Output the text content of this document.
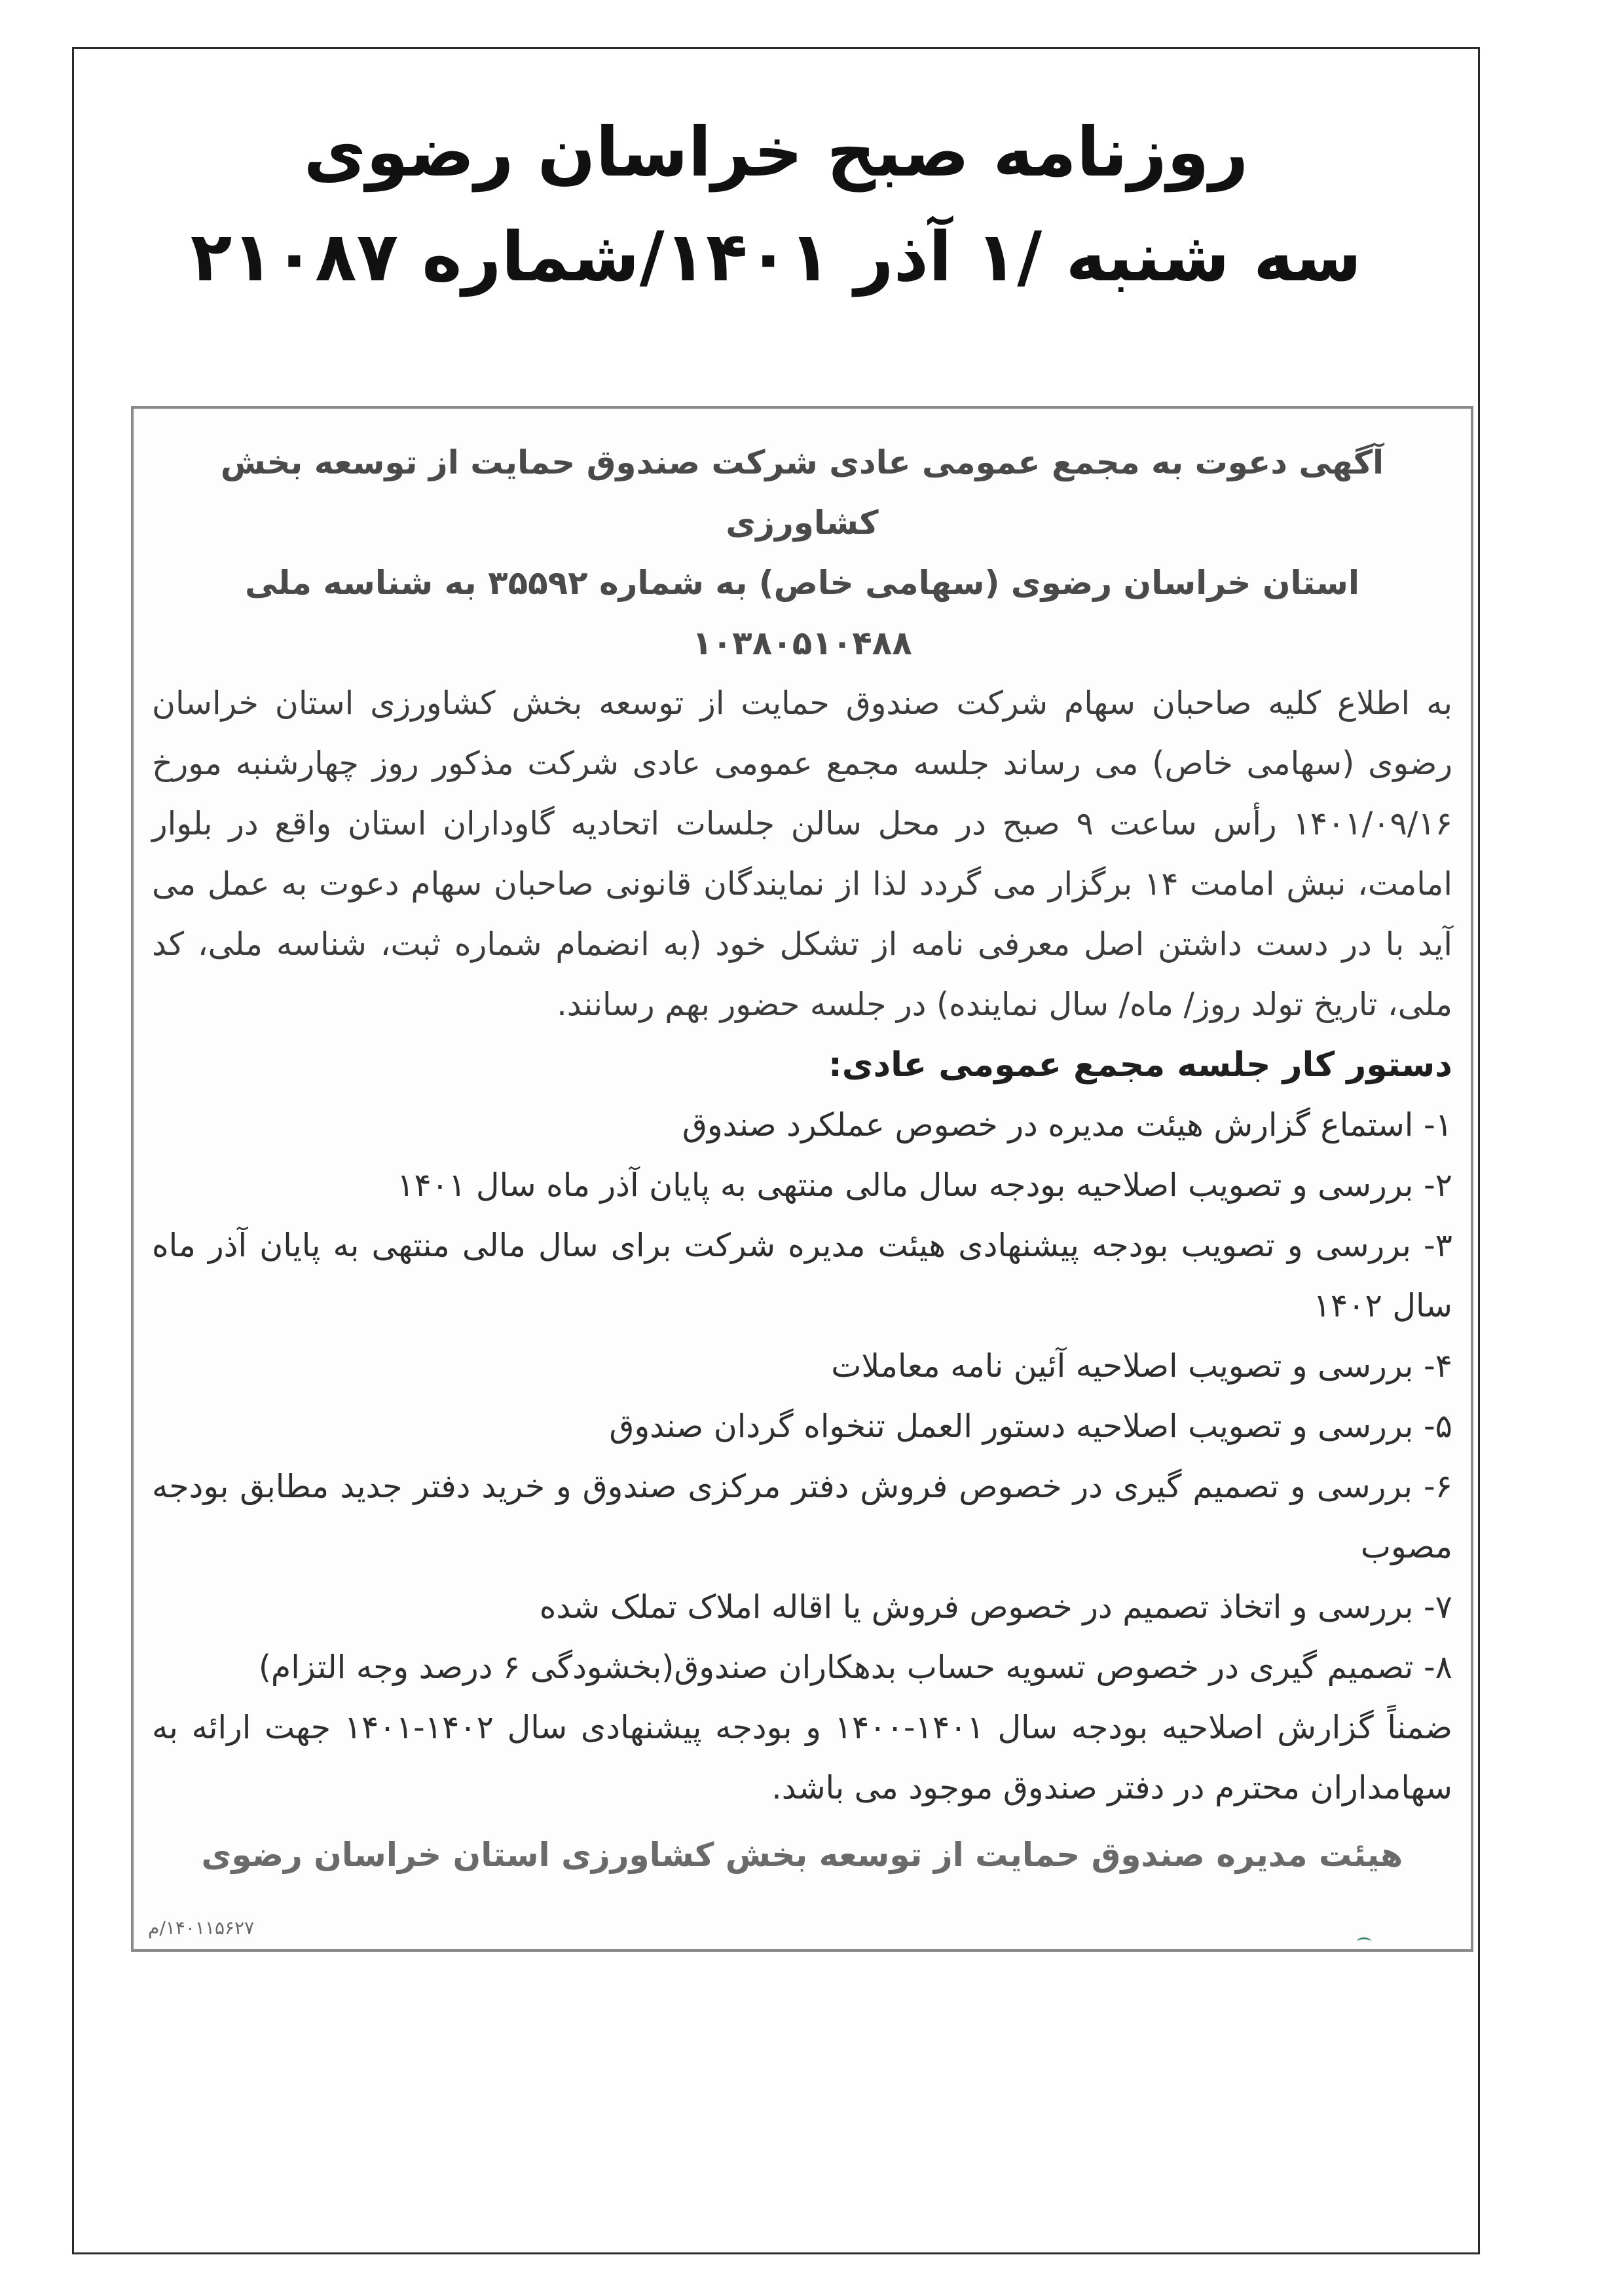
روزنامه صبح خراسان رضوی
سه شنبه /۱ آذر ۱۴۰۱/شماره ۲۱۰۸۷
آگهی دعوت به مجمع عمومی عادی شرکت صندوق حمایت از توسعه بخش کشاورزی
استان خراسان رضوی (سهامی خاص) به شماره ۳۵۵۹۲ به شناسه ملی ۱۰۳۸۰۵۱۰۴۸۸
به اطلاع کلیه صاحبان سهام شرکت صندوق حمایت از توسعه بخش کشاورزی استان خراسان رضوی (سهامی خاص) می رساند جلسه مجمع عمومی عادی شرکت مذکور روز چهارشنبه مورخ ۱۴۰۱/۰۹/۱۶ رأس ساعت ۹ صبح در محل سالن جلسات اتحادیه گاوداران استان واقع در بلوار امامت، نبش امامت ۱۴ برگزار می گردد لذا از نمایندگان قانونی صاحبان سهام دعوت به عمل می آید با در دست داشتن اصل معرفی نامه از تشکل خود (به انضمام شماره ثبت، شناسه ملی، کد ملی، تاریخ تولد روز/ ماه/ سال نماینده) در جلسه حضور بهم رسانند.
دستور کار جلسه مجمع عمومی عادی:
۱- استماع گزارش هیئت مدیره در خصوص عملکرد صندوق
۲- بررسی و تصویب اصلاحیه بودجه سال مالی منتهی به پایان آذر ماه سال ۱۴۰۱
۳- بررسی و تصویب بودجه پیشنهادی هیئت مدیره شرکت برای سال مالی منتهی به پایان آذر ماه سال ۱۴۰۲
۴- بررسی و تصویب اصلاحیه آئین نامه معاملات
۵- بررسی و تصویب اصلاحیه دستور العمل تنخواه گردان صندوق
۶- بررسی و تصمیم گیری در خصوص فروش دفتر مرکزی صندوق و خرید دفتر جدید مطابق بودجه مصوب
۷- بررسی و اتخاذ تصمیم در خصوص فروش یا اقاله املاک تملک شده
۸- تصمیم گیری در خصوص تسویه حساب بدهکاران صندوق(بخشودگی ۶ درصد وجه التزام)
ضمناً گزارش اصلاحیه بودجه سال ۱۴۰۱-۱۴۰۰ و بودجه پیشنهادی سال ۱۴۰۲-۱۴۰۱ جهت ارائه به سهامداران محترم در دفتر صندوق موجود می باشد.
هیئت مدیره صندوق حمایت از توسعه بخش کشاورزی استان خراسان رضوی
۱۴۰۱۱۵۶۲۷/م
